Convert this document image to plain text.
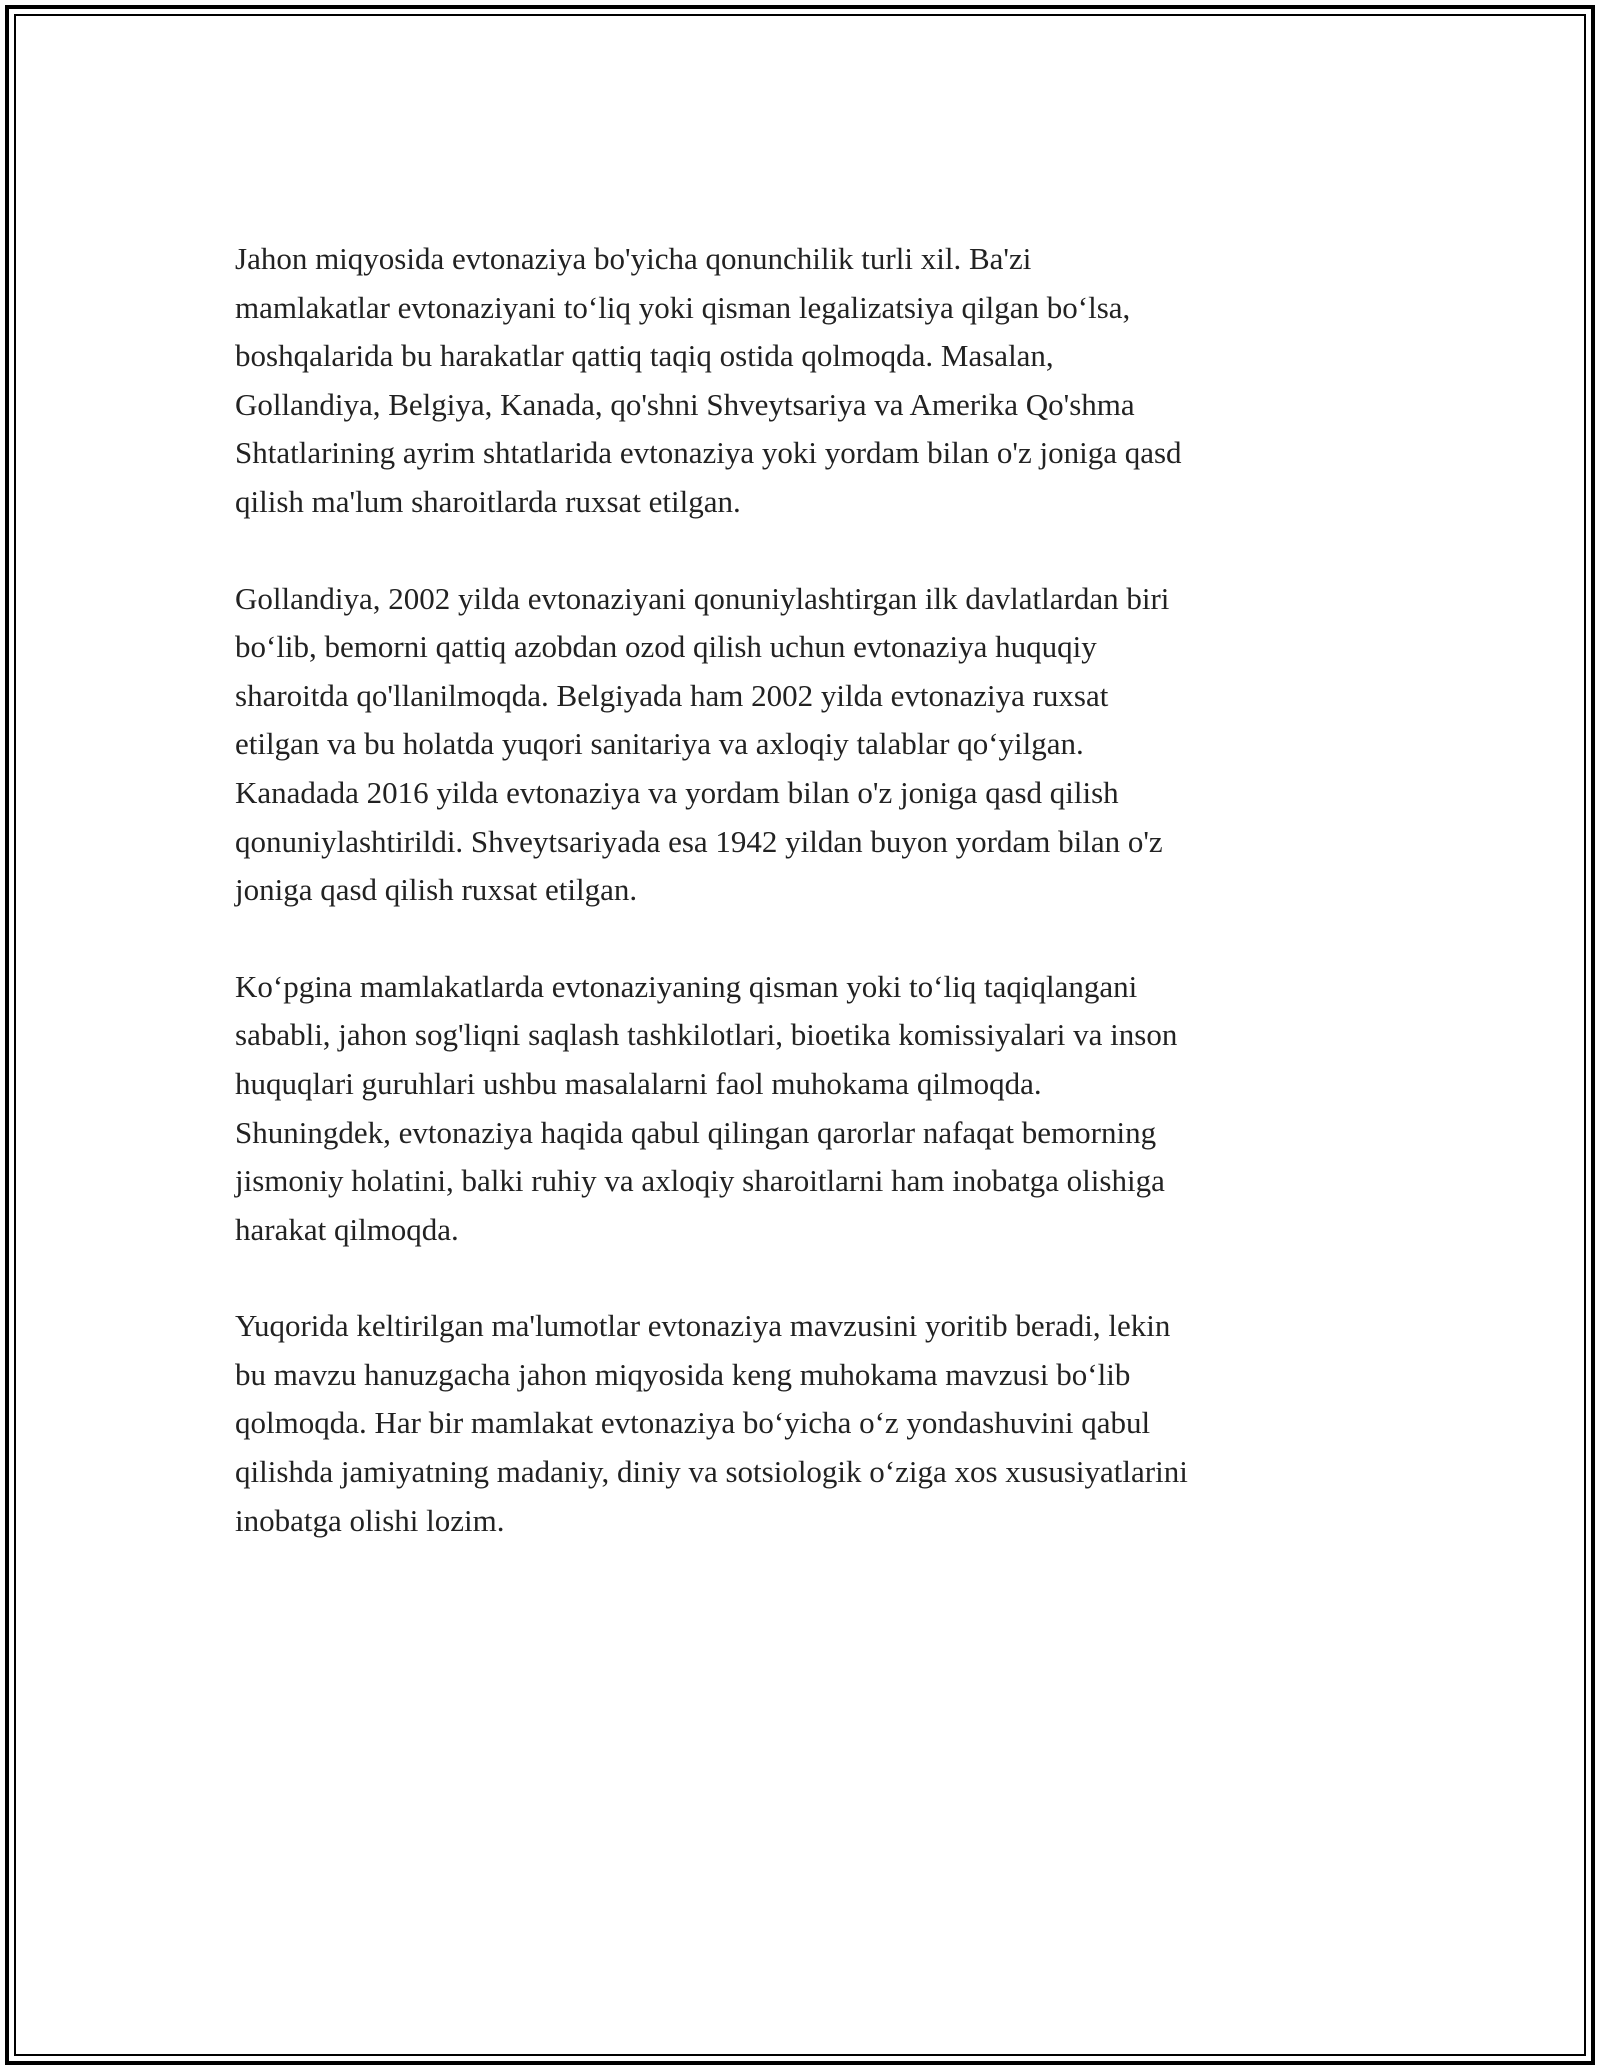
Jahon miqyosida evtonaziya bo'yicha qonunchilik turli xil. Ba'zi
mamlakatlar evtonaziyani to‘liq yoki qisman legalizatsiya qilgan bo‘lsa,
boshqalarida bu harakatlar qattiq taqiq ostida qolmoqda. Masalan,
Gollandiya, Belgiya, Kanada, qo'shni Shveytsariya va Amerika Qo'shma
Shtatlarining ayrim shtatlarida evtonaziya yoki yordam bilan o'z joniga qasd
qilish ma'lum sharoitlarda ruxsat etilgan.

Gollandiya, 2002 yilda evtonaziyani qonuniylashtirgan ilk davlatlardan biri
bo‘lib, bemorni qattiq azobdan ozod qilish uchun evtonaziya huquqiy
sharoitda qo'llanilmoqda. Belgiyada ham 2002 yilda evtonaziya ruxsat
etilgan va bu holatda yuqori sanitariya va axloqiy talablar qo‘yilgan.
Kanadada 2016 yilda evtonaziya va yordam bilan o'z joniga qasd qilish
qonuniylashtirildi. Shveytsariyada esa 1942 yildan buyon yordam bilan o'z
joniga qasd qilish ruxsat etilgan.

Ko‘pgina mamlakatlarda evtonaziyaning qisman yoki to‘liq taqiqlangani
sababli, jahon sog'liqni saqlash tashkilotlari, bioetika komissiyalari va inson
huquqlari guruhlari ushbu masalalarni faol muhokama qilmoqda.
Shuningdek, evtonaziya haqida qabul qilingan qarorlar nafaqat bemorning
jismoniy holatini, balki ruhiy va axloqiy sharoitlarni ham inobatga olishiga
harakat qilmoqda.

Yuqorida keltirilgan ma'lumotlar evtonaziya mavzusini yoritib beradi, lekin
bu mavzu hanuzgacha jahon miqyosida keng muhokama mavzusi bo‘lib
qolmoqda. Har bir mamlakat evtonaziya bo‘yicha o‘z yondashuvini qabul
qilishda jamiyatning madaniy, diniy va sotsiologik o‘ziga xos xususiyatlarini
inobatga olishi lozim.
